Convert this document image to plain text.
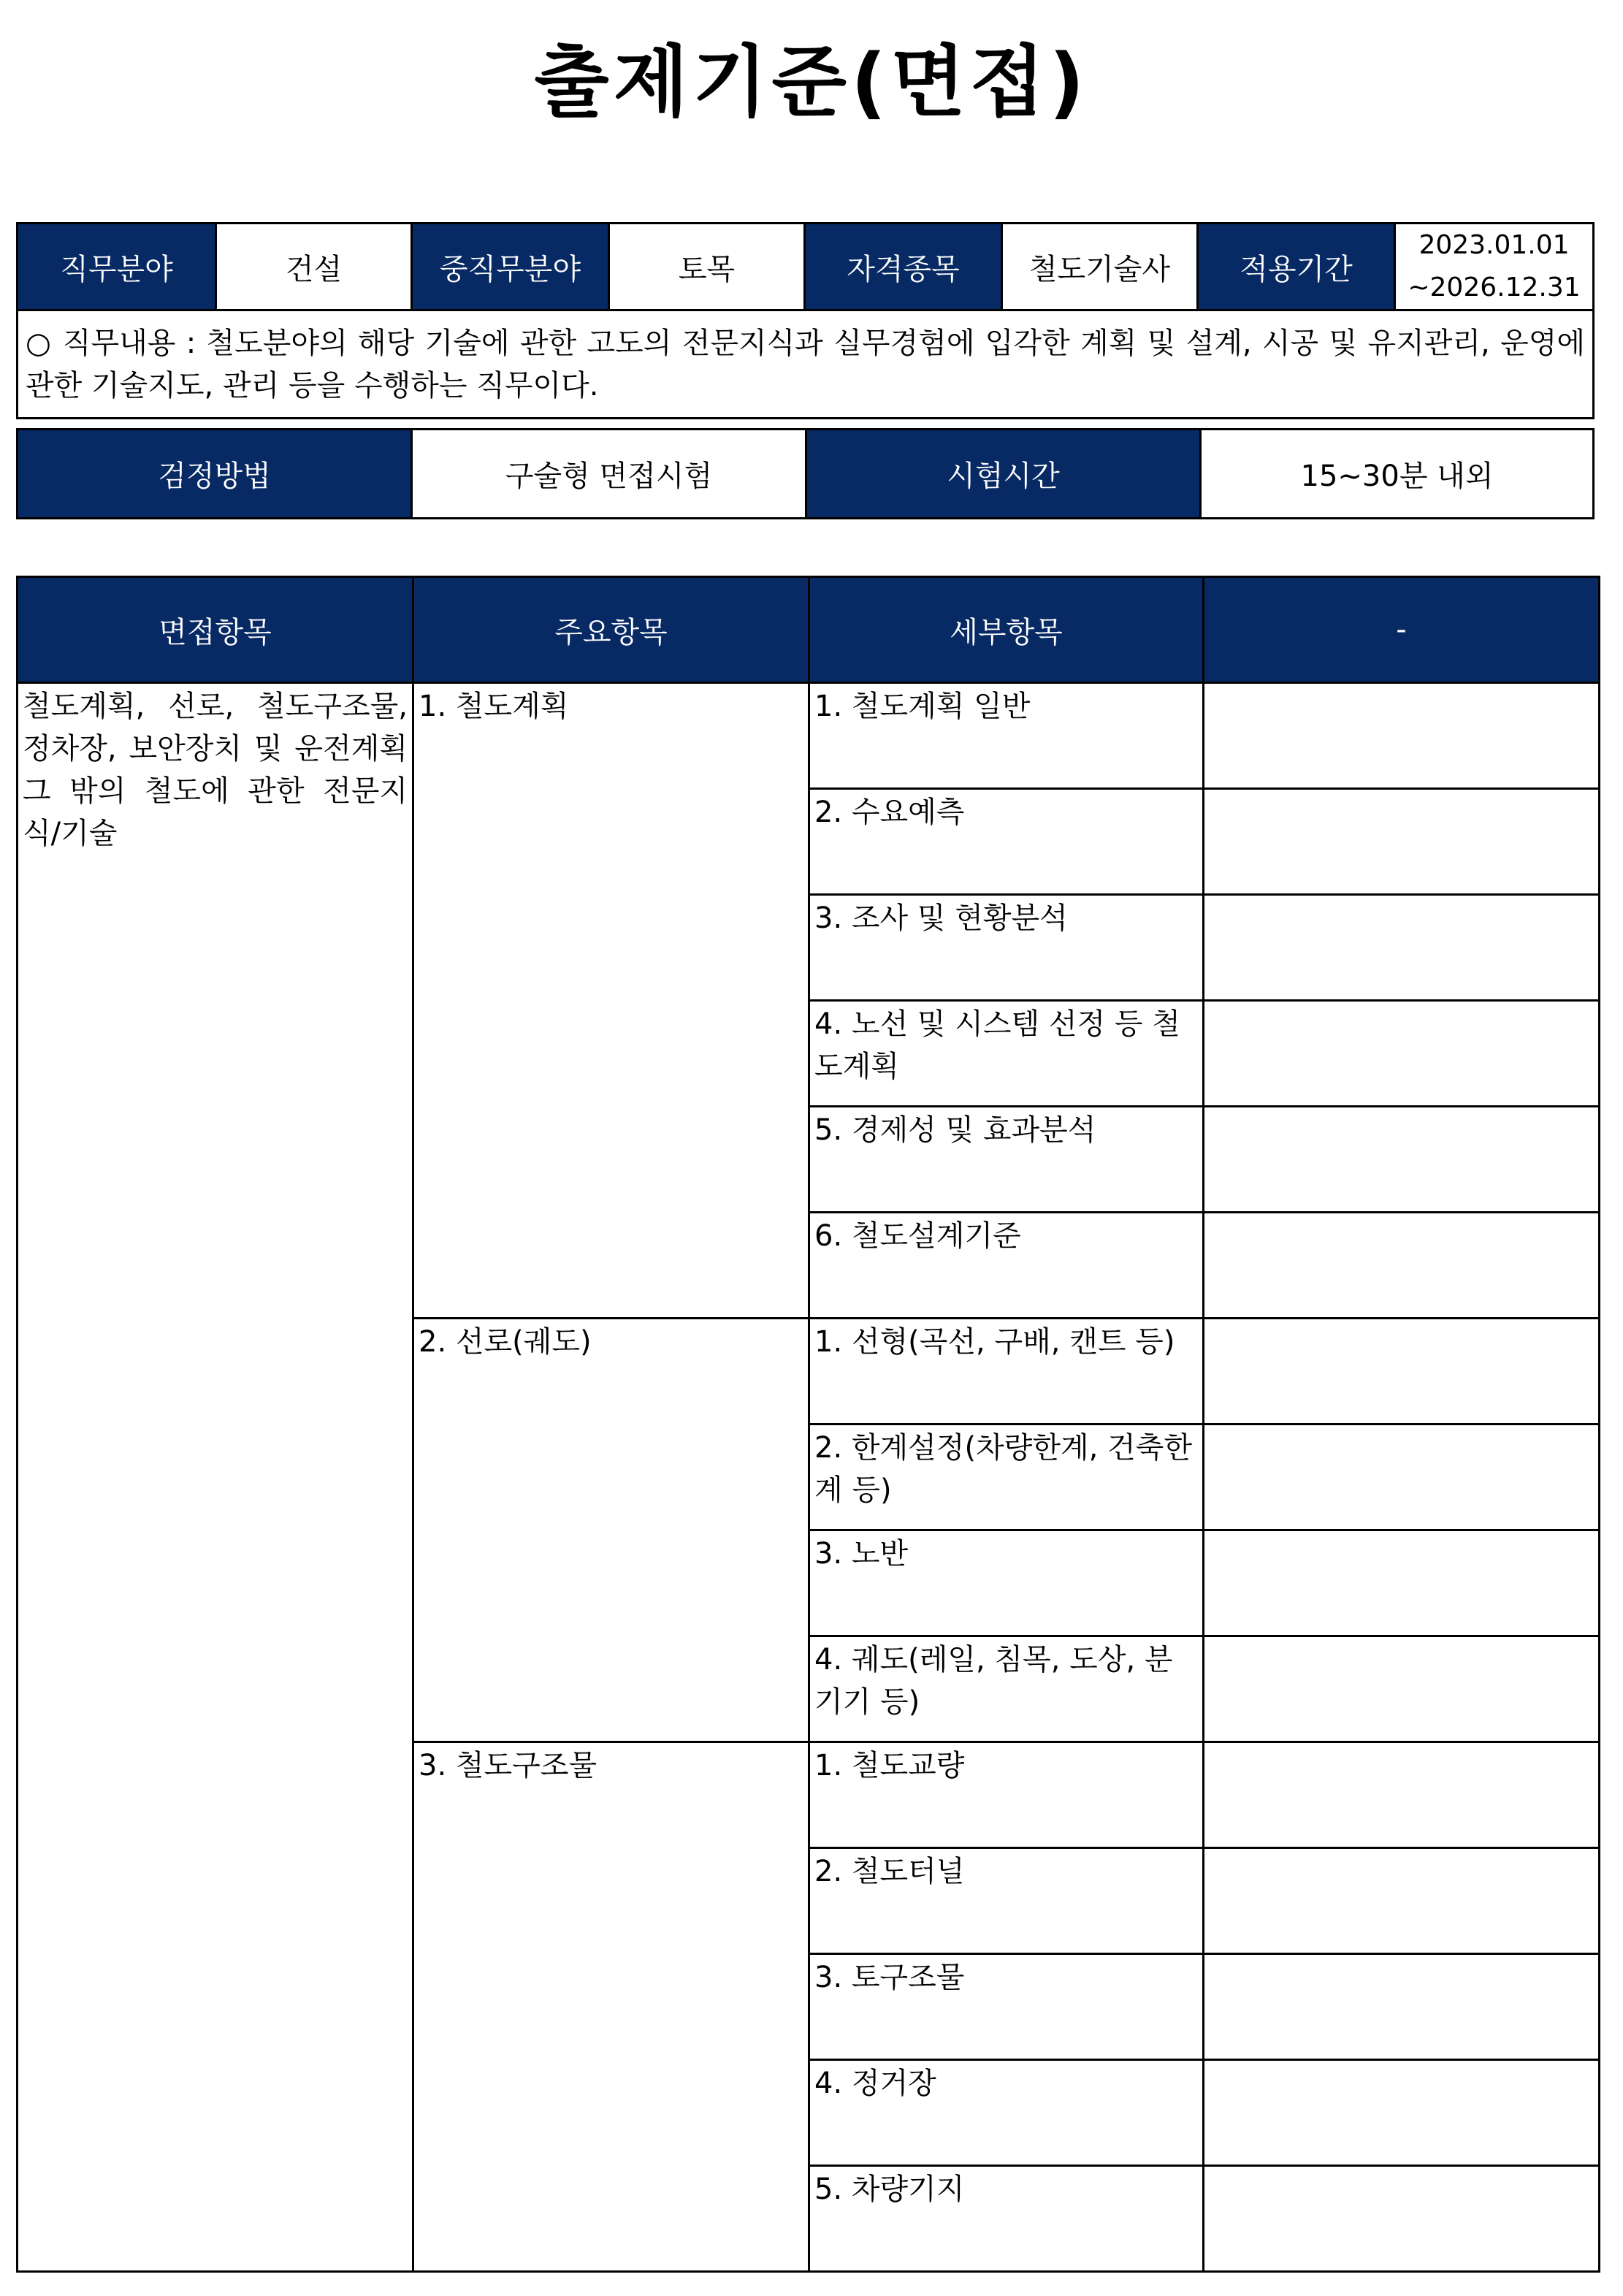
출제기준(면접)
직무분야	건설	중직무분야	토목	자격종목	철도기술사	적용기간	
2023.01.01
~2026.12.31

○ 직무내용 : 철도분야의 해당 기술에 관한 고도의 전문지식과 실무경험에 입각한 계획 및 설계, 시공 및 유지관리, 운영에 관한 기술지도, 관리 등을 수행하는 직무이다.
검정방법	구술형 면접시험	시험시간	15~30분 내외
면접항목	주요항목	세부항목	-
철도계획, 선로, 철도구조물, 정차장, 보안장치 및 운전계획 그 밖의 철도에 관한 전문지식/기술	1. 철도계획	1. 철도계획 일반	
		2. 수요예측	
		3. 조사 및 현황분석	
		4. 노선 및 시스템 선정 등 철도계획	
		5. 경제성 및 효과분석	
		6. 철도설계기준	
	2. 선로(궤도)	1. 선형(곡선, 구배, 캔트 등)	
		2. 한계설정(차량한계, 건축한계 등)	
		3. 노반	
		4. 궤도(레일, 침목, 도상, 분기기 등)	
	3. 철도구조물	1. 철도교량	
		2. 철도터널	
		3. 토구조물	
		4. 정거장	
		5. 차량기지	
